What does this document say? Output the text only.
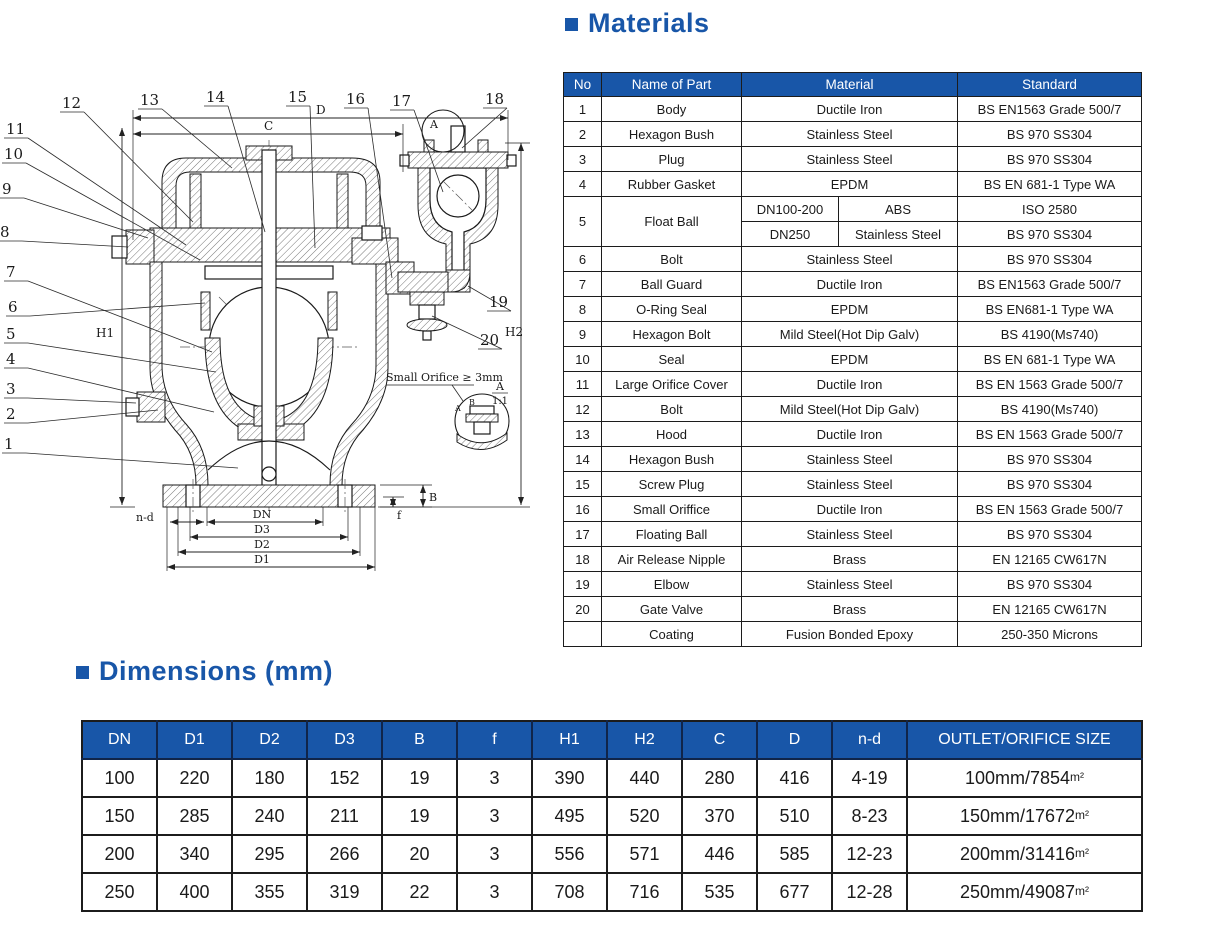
Materials
No	Name of Part	Material		Standard
1	Body	Ductile Iron		BS EN1563 Grade 500/7
2	Hexagon Bush	Stainless Steel		BS 970 SS304
3	Plug	Stainless Steel		BS 970 SS304
4	Rubber Gasket	EPDM		BS EN 681-1 Type WA
5	Float Ball	DN100-200	ABS	ISO 2580
		DN250	Stainless Steel	BS 970 SS304
6	Bolt	Stainless Steel		BS 970 SS304
7	Ball Guard	Ductile Iron		BS EN1563 Grade 500/7
8	O-Ring Seal	EPDM		BS EN681-1 Type WA
9	Hexagon Bolt	Mild Steel(Hot Dip Galv)		BS 4190(Ms740)
10	Seal	EPDM		BS EN 681-1 Type WA
11	Large Orifice Cover	Ductile Iron		BS EN 1563 Grade 500/7
12	Bolt	Mild Steel(Hot Dip Galv)		BS 4190(Ms740)
13	Hood	Ductile Iron		BS EN 1563 Grade 500/7
14	Hexagon Bush	Stainless Steel		BS 970 SS304
15	Screw Plug	Stainless Steel		BS 970 SS304
16	Small Oriffice	Ductile Iron		BS EN 1563 Grade 500/7
17	Floating Ball	Stainless Steel		BS 970 SS304
18	Air Release Nipple	Brass		EN 12165 CW617N
19	Elbow	Stainless Steel		BS 970 SS304
20	Gate Valve	Brass		EN 12165 CW617N
	Coating	Fusion Bonded Epoxy		250-350 Microns
Dimensions (mm)
DN	D1	D2	D3	B	f	H1	H2	C	D	n-d	OUTLET/ORIFICE SIZE
100	220	180	152	19	3	390	440	280	416	4-19	100mm/7854m²
150	285	240	211	19	3	495	520	370	510	8-23	150mm/17672m²
200	340	295	266	20	3	556	571	446	585	12-23	200mm/31416m²
250	400	355	319	22	3	708	716	535	677	12-28	250mm/49087m²
A
D
C
H1	H2
DN
D3
D2
D1
n-d
B
f
Small Orifice ≥ 3mm
A
B
A
1:1
1
2
3
4
5
6
7
8
9
10
11
12	13	14	15	16 17	18
19
20
